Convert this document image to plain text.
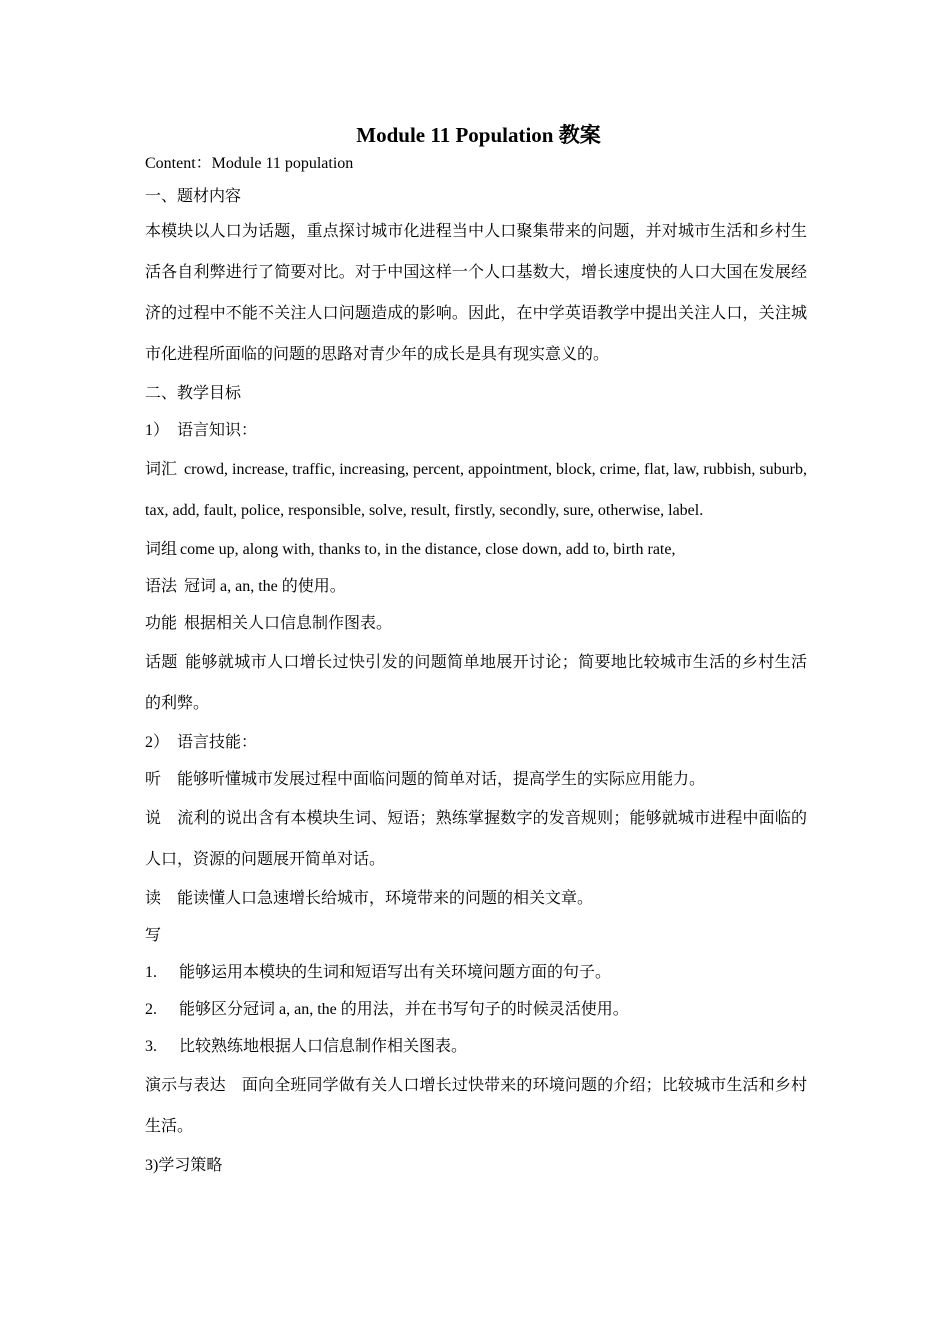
Module 11 Population 教案

Content：Module 11 population

一、题材内容

本模块以人口为话题，重点探讨城市化进程当中人口聚集带来的问题，并对城市生活和乡村生活各自利弊进行了简要对比。对于中国这样一个人口基数大，增长速度快的人口大国在发展经济的过程中不能不关注人口问题造成的影响。因此，在中学英语教学中提出关注人口，关注城市化进程所面临的问题的思路对青少年的成长是具有现实意义的。

二、教学目标

1）  语言知识：

词汇 crowd, increase, traffic, increasing, percent, appointment, block, crime, flat, law, rubbish, suburb, tax, add, fault, police, responsible, solve, result, firstly, secondly, sure, otherwise, label.

词组 come up, along with, thanks to, in the distance, close down, add to, birth rate,

语法 冠词 a, an, the 的使用。

功能 根据相关人口信息制作图表。

话题 能够就城市人口增长过快引发的问题简单地展开讨论；简要地比较城市生活的乡村生活的利弊。

2）  语言技能：

听 能够听懂城市发展过程中面临问题的简单对话，提高学生的实际应用能力。

说 流利的说出含有本模块生词、短语；熟练掌握数字的发音规则；能够就城市进程中面临的人口，资源的问题展开简单对话。

读 能读懂人口急速增长给城市，环境带来的问题的相关文章。

写

1. 能够运用本模块的生词和短语写出有关环境问题方面的句子。

2. 能够区分冠词 a, an, the 的用法，并在书写句子的时候灵活使用。

3. 比较熟练地根据人口信息制作相关图表。

演示与表达 面向全班同学做有关人口增长过快带来的环境问题的介绍；比较城市生活和乡村生活。

3)学习策略
